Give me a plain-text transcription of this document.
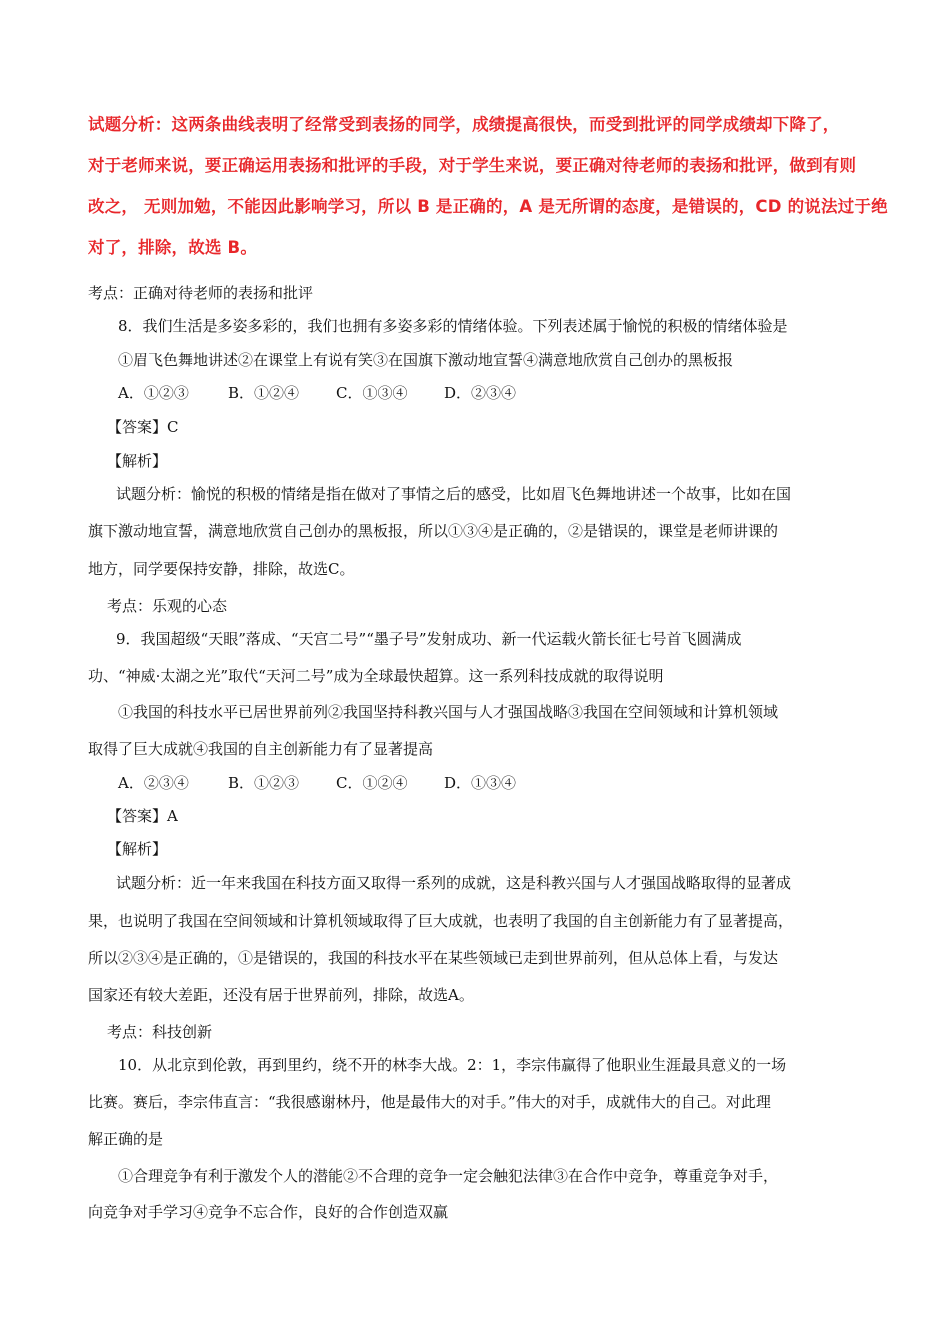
试题分析：这两条曲线表明了经常受到表扬的同学，成绩提高很快，而受到批评的同学成绩却下降了，

对于老师来说，要正确运用表扬和批评的手段，对于学生来说，要正确对待老师的表扬和批评，做到有则

改之， 无则加勉，不能因此影响学习，所以 B 是正确的，A 是无所谓的态度，是错误的，CD 的说法过于绝

对了，排除，故选 B。

考点：正确对待老师的表扬和批评
8．我们生活是多姿多彩的，我们也拥有多姿多彩的情绪体验。下列表述属于愉悦的积极的情绪体验是
①眉飞色舞地讲述②在课堂上有说有笑③在国旗下激动地宣誓④满意地欣赏自己创办的黑板报
A．①②③	B．①②④ C．①③④ D．②③④
【答案】C
【解析】
试题分析：愉悦的积极的情绪是指在做对了事情之后的感受，比如眉飞色舞地讲述一个故事，比如在国
旗下激动地宣誓，满意地欣赏自己创办的黑板报，所以①③④是正确的，②是错误的，课堂是老师讲课的
地方，同学要保持安静，排除，故选C。
考点：乐观的心态
9．我国超级“天眼”落成、“天宫二号”“墨子号”发射成功、新一代运载火箭长征七号首飞圆满成
功、“神威·太湖之光”取代“天河二号”成为全球最快超算。这一系列科技成就的取得说明
①我国的科技水平已居世界前列②我国坚持科教兴国与人才强国战略③我国在空间领域和计算机领域
取得了巨大成就④我国的自主创新能力有了显著提高
A．②③④	B．①②③ C．①②④ D．①③④
【答案】A
【解析】
试题分析：近一年来我国在科技方面又取得一系列的成就，这是科教兴国与人才强国战略取得的显著成
果，也说明了我国在空间领域和计算机领域取得了巨大成就，也表明了我国的自主创新能力有了显著提高，
所以②③④是正确的，①是错误的，我国的科技水平在某些领域已走到世界前列，但从总体上看，与发达
国家还有较大差距，还没有居于世界前列，排除，故选A。
考点：科技创新
10．从北京到伦敦，再到里约，绕不开的林李大战。2：1，李宗伟赢得了他职业生涯最具意义的一场
比赛。赛后，李宗伟直言：“我很感谢林丹，他是最伟大的对手。”伟大的对手，成就伟大的自己。对此理
解正确的是
①合理竞争有利于激发个人的潜能②不合理的竞争一定会触犯法律③在合作中竞争，尊重竞争对手，
向竞争对手学习④竞争不忘合作，良好的合作创造双赢
